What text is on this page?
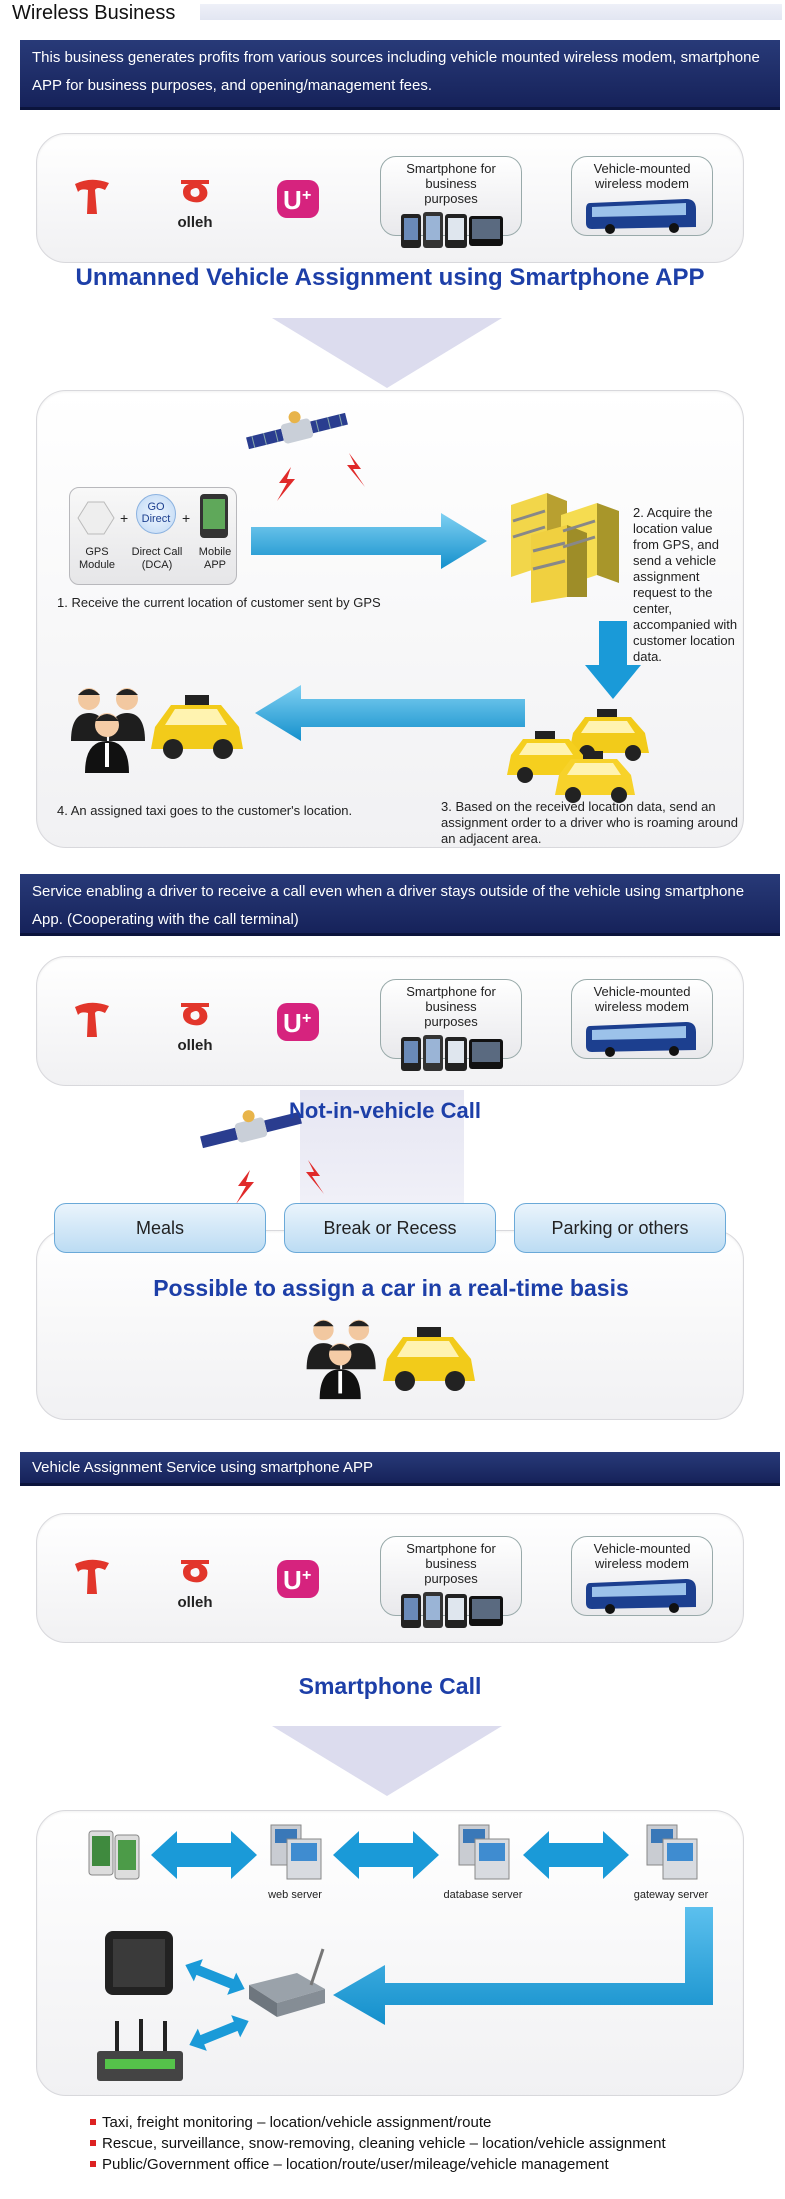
Wireless Business
This business generates profits from various sources including vehicle mounted wireless modem, smartphone APP for business purposes, and opening/management fees.
olleh
U +
Smartphone for business purposes
Vehicle-mounted wireless modem
Unmanned Vehicle Assignment using Smartphone APP
+
GO Direct +
GPS Module
Direct Call (DCA)
Mobile APP
1. Receive the current location of customer sent by GPS
2. Acquire the location value from GPS, and send a vehicle assignment request to the center, accompanied with customer location data.
3. Based on the received location data, send an assignment order to a driver who is roaming around an adjacent area.
4. An assigned taxi goes to the customer's location.
Service enabling a driver to receive a call even when a driver stays outside of the vehicle using smartphone App. (Cooperating with the call terminal)
olleh
U +
Smartphone for business purposes
Vehicle-mounted wireless modem
Not-in-vehicle Call
Possible to assign a car in a real-time basis
Meals	Break or Recess	Parking or others
Vehicle Assignment Service using smartphone APP
olleh
U +
Smartphone for business purposes
Vehicle-mounted wireless modem
Smartphone Call
web server	database server	gateway server
Taxi, freight monitoring – location/vehicle assignment/route
Rescue, surveillance, snow-removing, cleaning vehicle – location/vehicle assignment
Public/Government office – location/route/user/mileage/vehicle management
